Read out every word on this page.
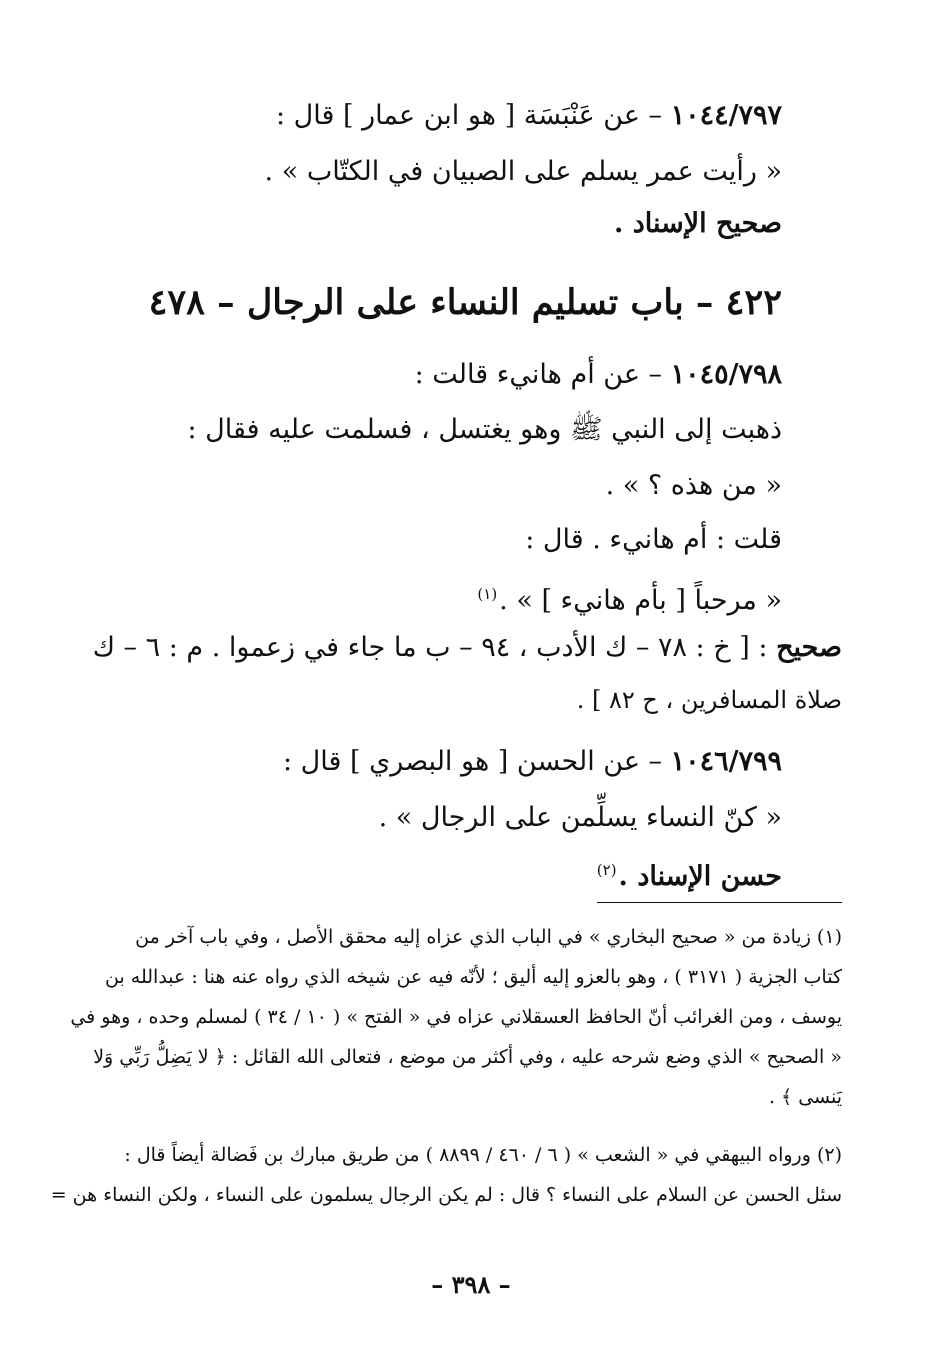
١٠٤٤/٧٩٧ – عن عَنْبَسَة [ هو ابن عمار ] قال :
« رأيت عمر يسلم على الصبيان في الكتّاب » .
صحيح الإسناد .
٤٢٢ – باب تسليم النساء على الرجال – ٤٧٨
١٠٤٥/٧٩٨ – عن أم هانيء قالت :
ذهبت إلى النبي ﷺ وهو يغتسل ، فسلمت عليه فقال :
« من هذه ؟ » .
قلت : أم هانيء . قال :
« مرحباً [ بأم هانيء ] » .$^{(١)}$
صحيح : [ خ : ٧٨ – ك الأدب ، ٩٤ – ب ما جاء في زعموا . م : ٦ – ك
صلاة المسافرين ، ح ٨٢ ] .
١٠٤٦/٧٩٩ – عن الحسن [ هو البصري ] قال :
« كنّ النساء يسلِّمن على الرجال » .
حسن الإسناد .$^{(٢)}$
(١) زيادة من « صحيح البخاري » في الباب الذي عزاه إليه محقق الأصل ، وفي باب آخر من
كتاب الجزية ( ٣١٧١ ) ، وهو بالعزو إليه أليق ؛ لأنّه فيه عن شيخه الذي رواه عنه هنا : عبدالله بن
يوسف ، ومن الغرائب أنّ الحافظ العسقلاني عزاه في « الفتح » ( ١٠ / ٣٤ ) لمسلم وحده ، وهو في
« الصحيح » الذي وضع شرحه عليه ، وفي أكثر من موضع ، فتعالى الله القائل : ﴿ لا يَضِلُّ رَبِّي وَلا
يَنسى ﴾ .
(٢) ورواه البيهقي في « الشعب » ( ٦ / ٤٦٠ / ٨٨٩٩ ) من طريق مبارك بن فَضالة أيضاً قال :
سئل الحسن عن السلام على النساء ؟ قال : لم يكن الرجال يسلمون على النساء ، ولكن النساء هن =
– ٣٩٨ –
